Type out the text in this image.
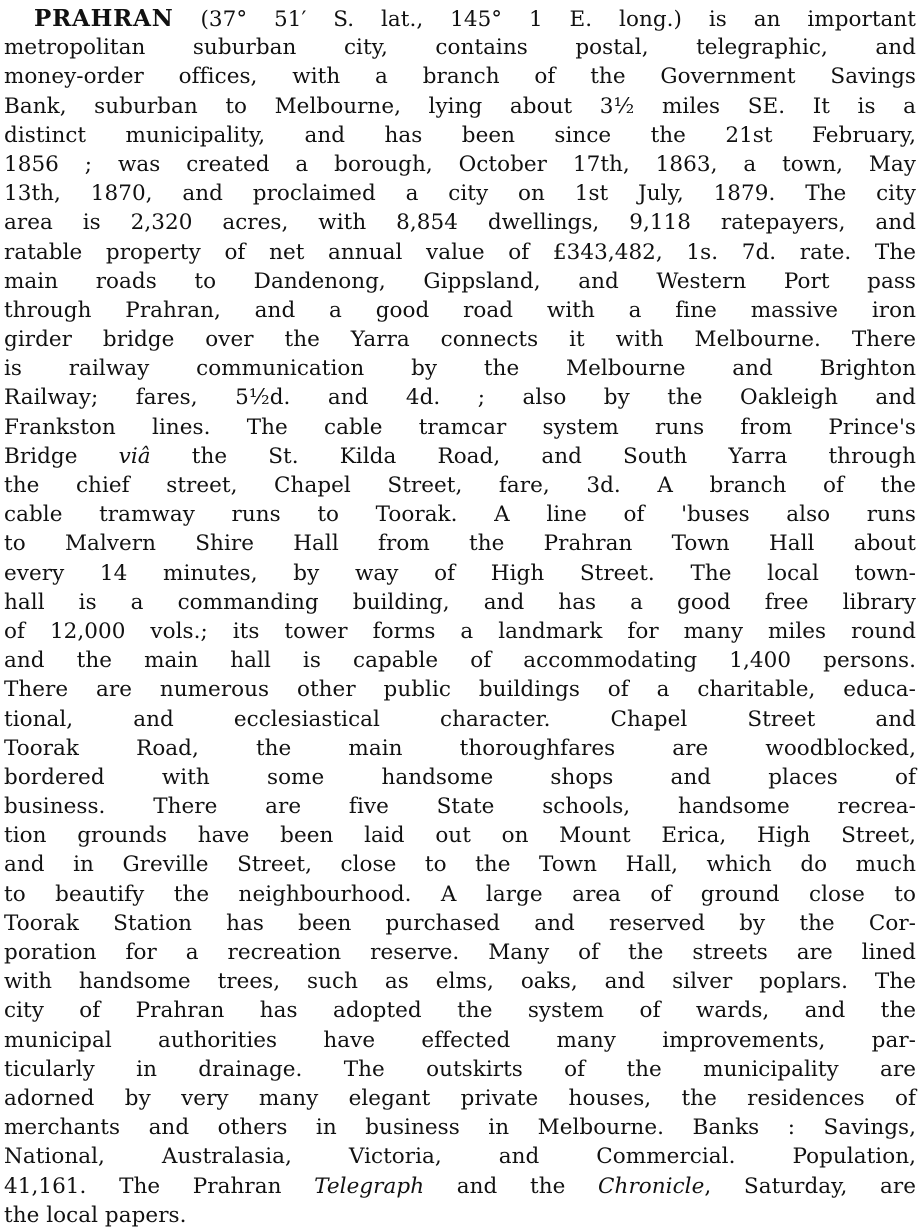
PRAHRAN (37° 51′ S. lat., 145° 1 E. long.) is an important
metropolitan suburban city, contains postal, telegraphic, and
money-order offices, with a branch of the Government Savings
Bank, suburban to Melbourne, lying about 3½ miles SE. It is a
distinct municipality, and has been since the 21st February,
1856 ; was created a borough, October 17th, 1863, a town, May
13th, 1870, and proclaimed a city on 1st July, 1879. The city
area is 2,320 acres, with 8,854 dwellings, 9,118 ratepayers, and
ratable property of net annual value of £343,482, 1s. 7d. rate. The
main roads to Dandenong, Gippsland, and Western Port pass
through Prahran, and a good road with a fine massive iron
girder bridge over the Yarra connects it with Melbourne. There
is railway communication by the Melbourne and Brighton
Railway; fares, 5½d. and 4d. ; also by the Oakleigh and
Frankston lines. The cable tramcar system runs from Prince's
Bridge viâ the St. Kilda Road, and South Yarra through
the chief street, Chapel Street, fare, 3d. A branch of the
cable tramway runs to Toorak. A line of 'buses also runs
to Malvern Shire Hall from the Prahran Town Hall about
every 14 minutes, by way of High Street. The local town-
hall is a commanding building, and has a good free library
of 12,000 vols.; its tower forms a landmark for many miles round
and the main hall is capable of accommodating 1,400 persons.
There are numerous other public buildings of a charitable, educa-
tional, and ecclesiastical character. Chapel Street and
Toorak Road, the main thoroughfares are woodblocked,
bordered with some handsome shops and places of
business. There are five State schools, handsome recrea-
tion grounds have been laid out on Mount Erica, High Street,
and in Greville Street, close to the Town Hall, which do much
to beautify the neighbourhood. A large area of ground close to
Toorak Station has been purchased and reserved by the Cor-
poration for a recreation reserve. Many of the streets are lined
with handsome trees, such as elms, oaks, and silver poplars. The
city of Prahran has adopted the system of wards, and the
municipal authorities have effected many improvements, par-
ticularly in drainage. The outskirts of the municipality are
adorned by very many elegant private houses, the residences of
merchants and others in business in Melbourne. Banks : Savings,
National, Australasia, Victoria, and Commercial. Population,
41,161. The Prahran Telegraph and the Chronicle, Saturday, are
the local papers.
